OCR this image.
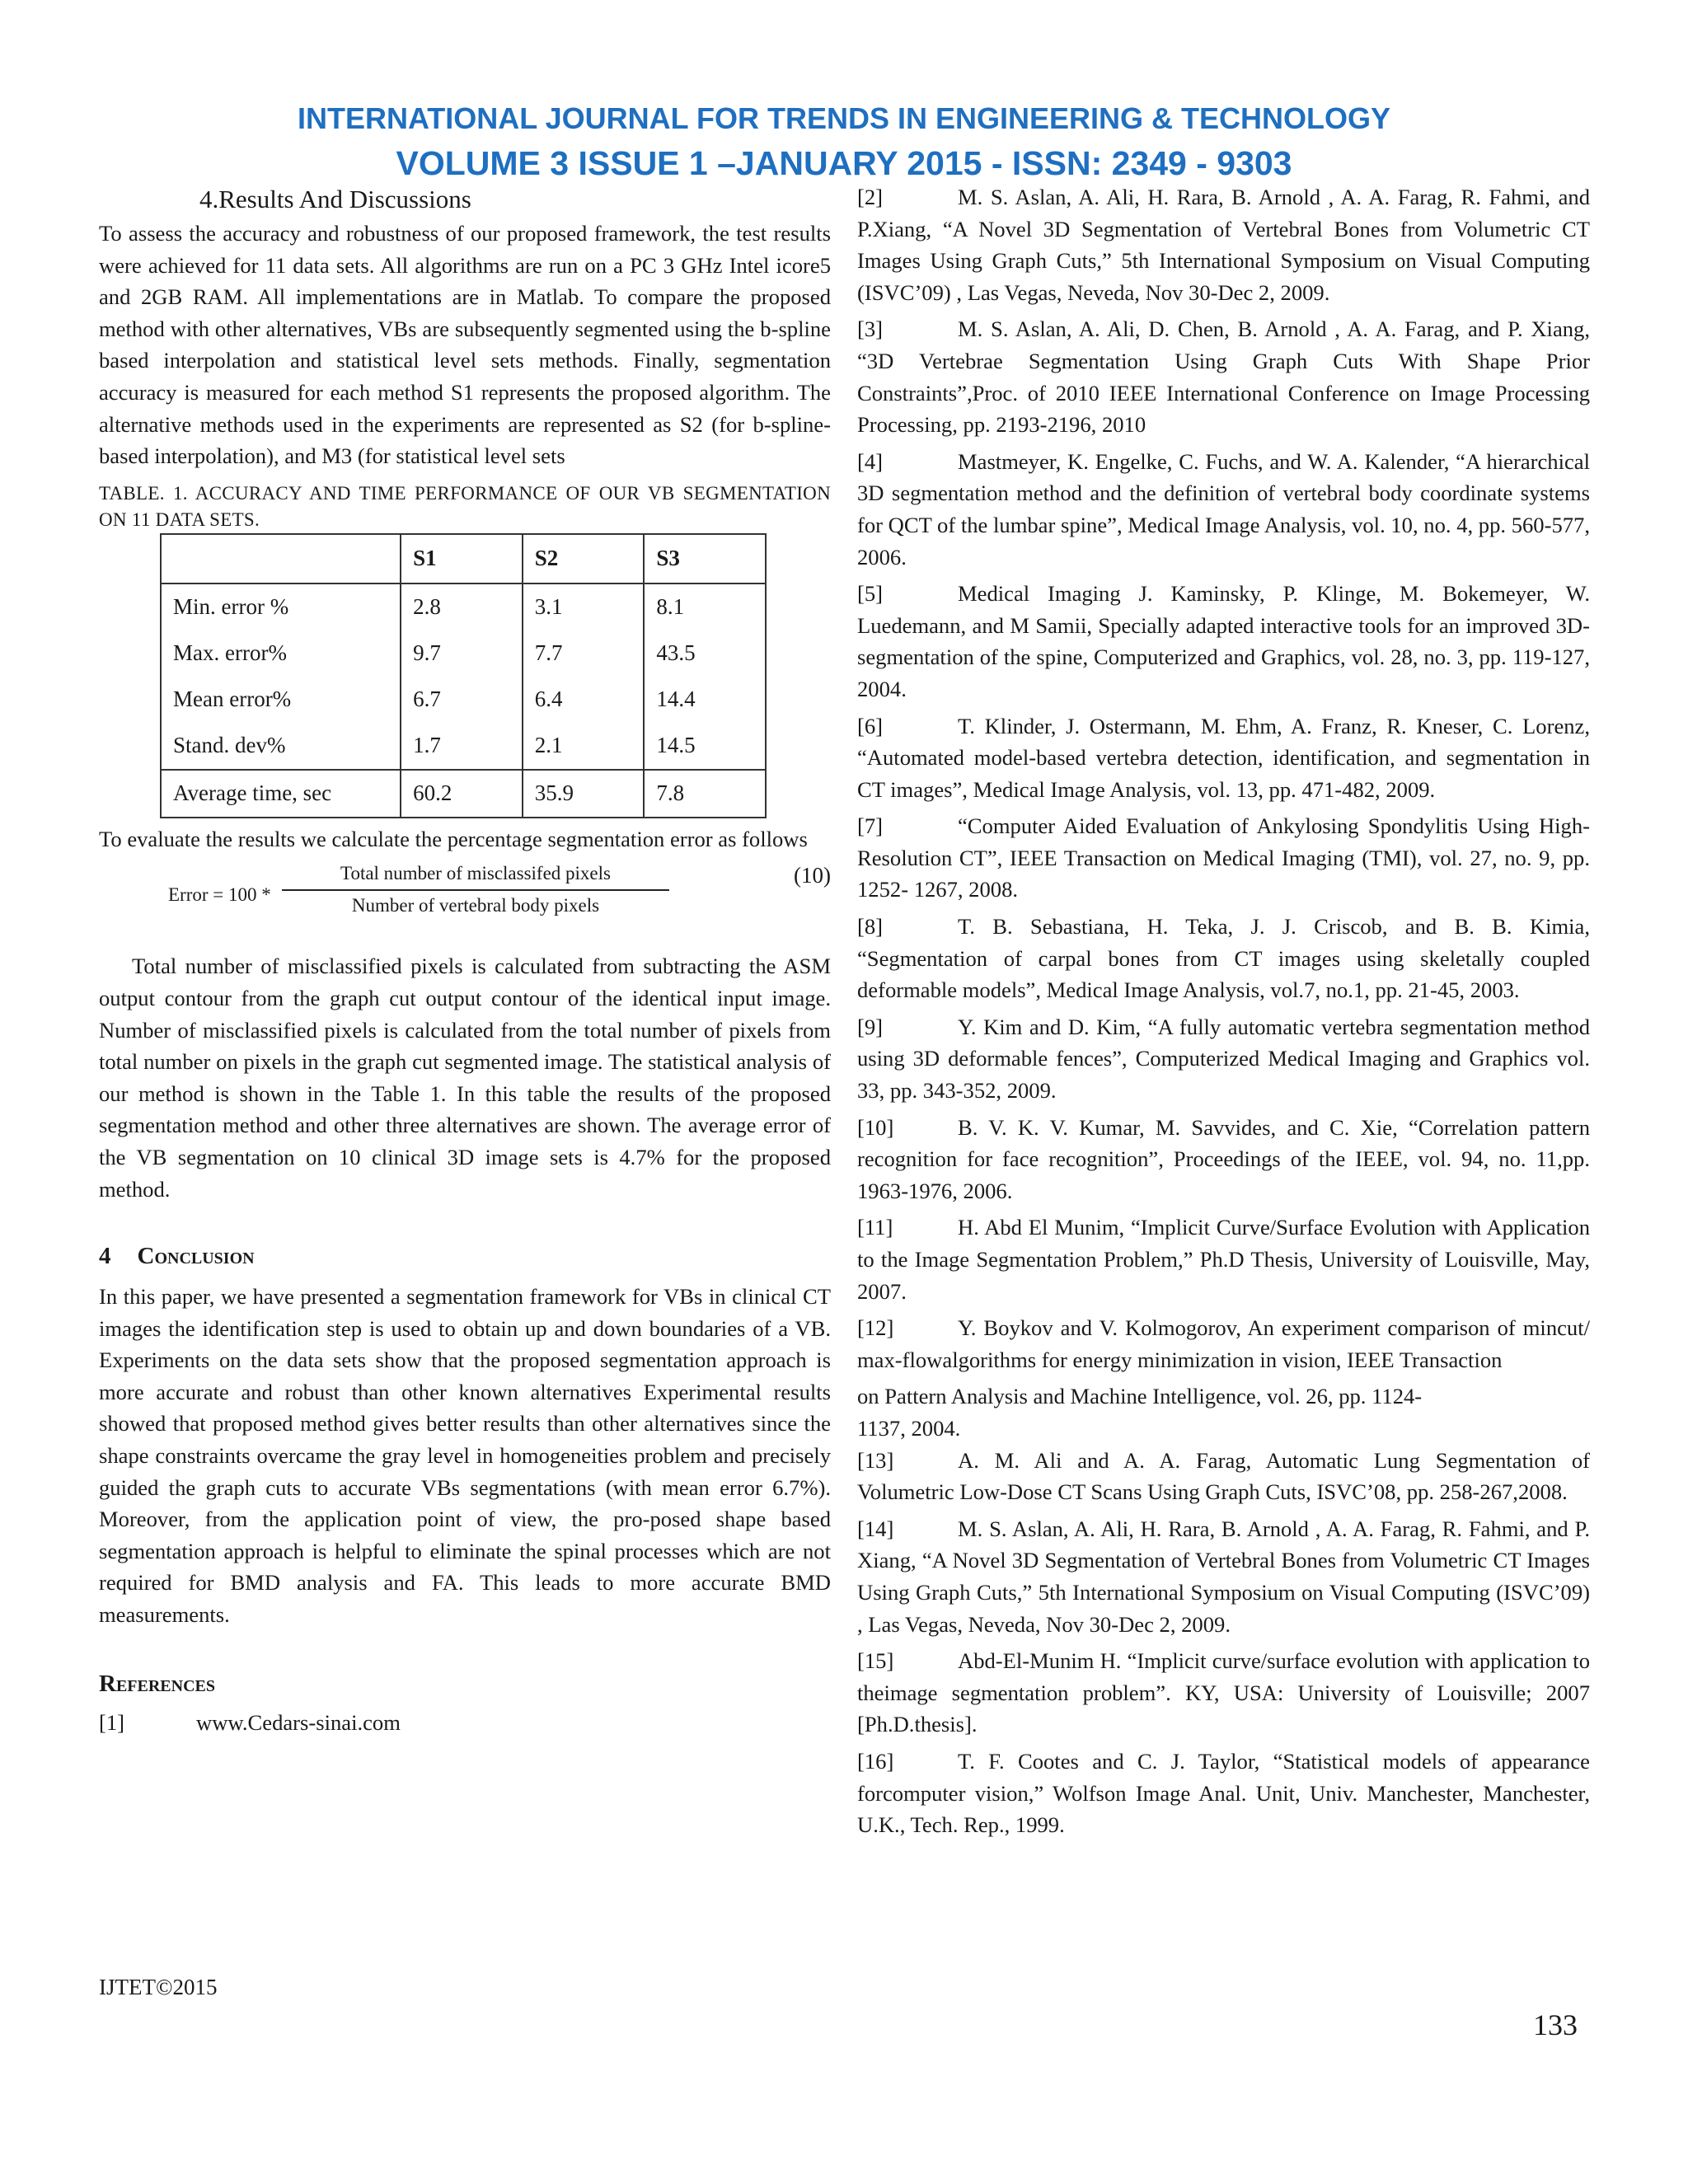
INTERNATIONAL JOURNAL FOR TRENDS IN ENGINEERING & TECHNOLOGY
VOLUME 3 ISSUE 1 –JANUARY 2015 - ISSN: 2349 - 9303
4.Results And Discussions

To assess the accuracy and robustness of our proposed framework, the test results were achieved for 11 data sets. All algorithms are run on a PC 3 GHz Intel icore5 and 2GB RAM. All implementations are in Matlab. To compare the proposed method with other alternatives, VBs are subsequently segmented using the b-spline based interpolation and statistical level sets methods. Finally, segmentation accuracy is measured for each method S1 represents the proposed algorithm. The alternative methods used in the experiments are represented as S2 (for b-spline-based interpolation), and M3 (for statistical level sets

TABLE. 1. ACCURACY AND TIME PERFORMANCE OF OUR VB SEGMENTATION ON 11 DATA SETS.

	S1	S2	S3
Min. error %	2.8	3.1	8.1
Max. error%	9.7	7.7	43.5
Mean error%	6.7	6.4	14.4
Stand. dev%	1.7	2.1	14.5
Average time, sec	60.2	35.9	7.8

To evaluate the results we calculate the percentage segmentation error as follows

Error = 100 *
Total number of misclassifed pixels
Number of vertebral body pixels
(10)

Total number of misclassified pixels is calculated from subtracting the ASM output contour from the graph cut output contour of the identical input image. Number of misclassified pixels is calculated from the total number of pixels from total number on pixels in the graph cut segmented image. The statistical analysis of our method is shown in the Table 1. In this table the results of the proposed segmentation method and other three alternatives are shown. The average error of the VB segmentation on 10 clinical 3D image sets is 4.7% for the proposed method.

4 Conclusion

In this paper, we have presented a segmentation framework for VBs in clinical CT images the identification step is used to obtain up and down boundaries of a VB. Experiments on the data sets show that the proposed segmentation approach is more accurate and robust than other known alternatives Experimental results showed that proposed method gives better results than other alternatives since the shape constraints overcame the gray level in homogeneities problem and precisely guided the graph cuts to accurate VBs segmentations (with mean error 6.7%). Moreover, from the application point of view, the pro-posed shape based segmentation approach is helpful to eliminate the spinal processes which are not required for BMD analysis and FA. This leads to more accurate BMD measurements.

References
[1]	www.Cedars-sinai.com
[2]	M. S. Aslan, A. Ali, H. Rara, B. Arnold , A. A. Farag, R. Fahmi, and P.Xiang, “A Novel 3D Segmentation of Vertebral Bones from Volumetric CT Images Using Graph Cuts,” 5th International Symposium on Visual Computing (ISVC’09) , Las Vegas, Neveda, Nov 30-Dec 2, 2009.
[3]	M. S. Aslan, A. Ali, D. Chen, B. Arnold , A. A. Farag, and P. Xiang, “3D Vertebrae Segmentation Using Graph Cuts With Shape Prior Constraints”,Proc. of 2010 IEEE International Conference on Image Processing Processing, pp. 2193-2196, 2010
[4]	Mastmeyer, K. Engelke, C. Fuchs, and W. A. Kalender, “A hierarchical 3D segmentation method and the definition of vertebral body coordinate systems for QCT of the lumbar spine”, Medical Image Analysis, vol. 10, no. 4, pp. 560-577, 2006.
[5]	Medical Imaging J. Kaminsky, P. Klinge, M. Bokemeyer, W. Luedemann, and M Samii, Specially adapted interactive tools for an improved 3D-segmentation of the spine, Computerized and Graphics, vol. 28, no. 3, pp. 119-127, 2004.
[6]	T. Klinder, J. Ostermann, M. Ehm, A. Franz, R. Kneser, C. Lorenz, “Automated model-based vertebra detection, identification, and segmentation in CT images”, Medical Image Analysis, vol. 13, pp. 471-482, 2009.
[7]	“Computer Aided Evaluation of Ankylosing Spondylitis Using High-Resolution CT”, IEEE Transaction on Medical Imaging (TMI), vol. 27, no. 9, pp. 1252- 1267, 2008.
[8]	T. B. Sebastiana, H. Teka, J. J. Criscob, and B. B. Kimia, “Segmentation of carpal bones from CT images using skeletally coupled deformable models”, Medical Image Analysis, vol.7, no.1, pp. 21-45, 2003.
[9]	Y. Kim and D. Kim, “A fully automatic vertebra segmentation method using 3D deformable fences”, Computerized Medical Imaging and Graphics vol. 33, pp. 343-352, 2009.
[10]	B. V. K. V. Kumar, M. Savvides, and C. Xie, “Correlation pattern recognition for face recognition”, Proceedings of the IEEE, vol. 94, no. 11,pp. 1963-1976, 2006.
[11]	H. Abd El Munim, “Implicit Curve/Surface Evolution with Application to the Image Segmentation Problem,” Ph.D Thesis, University of Louisville, May, 2007.
[12]	Y. Boykov and V. Kolmogorov, An experiment comparison of mincut/ max-flowalgorithms for energy minimization in vision, IEEE Transaction
on Pattern Analysis and Machine Intelligence, vol. 26, pp. 1124-
1137, 2004.
[13]	A. M. Ali and A. A. Farag, Automatic Lung Segmentation of Volumetric Low-Dose CT Scans Using Graph Cuts, ISVC’08, pp. 258-267,2008.
[14]	M. S. Aslan, A. Ali, H. Rara, B. Arnold , A. A. Farag, R. Fahmi, and P. Xiang, “A Novel 3D Segmentation of Vertebral Bones from Volumetric CT Images Using Graph Cuts,” 5th International Symposium on Visual Computing (ISVC’09) , Las Vegas, Neveda, Nov 30-Dec 2, 2009.
[15]	Abd-El-Munim H. “Implicit curve/surface evolution with application to theimage segmentation problem”. KY, USA: University of Louisville; 2007 [Ph.D.thesis].
[16]	T. F. Cootes and C. J. Taylor, “Statistical models of appearance forcomputer vision,” Wolfson Image Anal. Unit, Univ. Manchester, Manchester, U.K., Tech. Rep., 1999.
IJTET©2015
133
